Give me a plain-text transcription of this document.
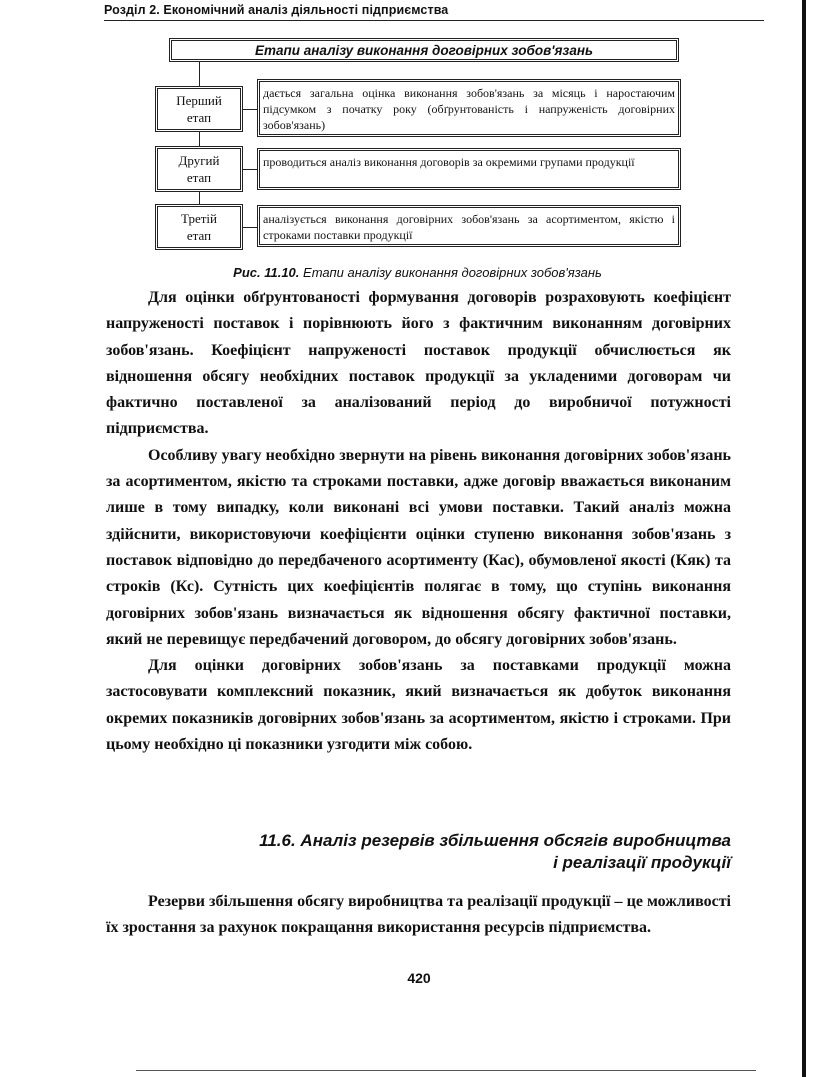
Розділ 2. Економічний аналіз діяльності підприємства
Етапи аналізу виконання договірних зобов'язань
Перший
етап
дається загальна оцінка виконання зобов'язань за місяць і наростаючим підсумком з початку року (обґрунтованість і напруженість договірних зобов'язань)
Другий
етап
проводиться аналіз виконання договорів за окремими групами продукції
Третій
етап
аналізується виконання договірних зобов'язань за асортиментом, якістю і строками поставки продукції
Рис. 11.10. Етапи аналізу виконання договірних зобов'язань

Для оцінки обґрунтованості формування договорів розраховують коефіцієнт напруженості поставок і порівнюють його з фактичним виконанням договірних зобов'язань. Коефіцієнт напруженості поставок продукції обчислюється як відношення обсягу необхідних поставок продукції за укладеними договорам чи фактично поставленої за аналізований період до виробничої потужності підприємства.

Особливу увагу необхідно звернути на рівень виконання договірних зобов'язань за асортиментом, якістю та строками поставки, адже договір вважається виконаним лише в тому випадку, коли виконані всі умови поставки. Такий аналіз можна здійснити, використовуючи коефіцієнти оцінки ступеню виконання зобов'язань з поставок відповідно до передбаченого асортименту (Кас), обумовленої якості (Кяк) та строків (Кс). Сутність цих коефіцієнтів полягає в тому, що ступінь виконання договірних зобов'язань визначається як відношення обсягу фактичної поставки, який не перевищує передбачений договором, до обсягу договірних зобов'язань.

Для оцінки договірних зобов'язань за поставками продукції можна застосовувати комплексний показник, який визначається як добуток виконання окремих показників договірних зобов'язань за асортиментом, якістю і строками. При цьому необхідно ці показники узгодити між собою.

11.6. Аналіз резервів збільшення обсягів виробництва
і реалізації продукції

Резерви збільшення обсягу виробництва та реалізації продукції – це можливості їх зростання за рахунок покращання використання ресурсів підприємства.

420
